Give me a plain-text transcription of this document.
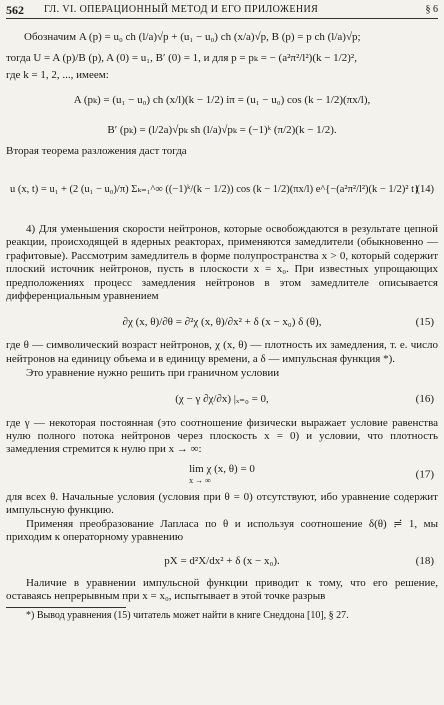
562 ГЛ. VI. ОПЕРАЦИОННЫЙ МЕТОД И ЕГО ПРИЛОЖЕНИЯ	§ 6
Обозначим A (p) = u₀ ch (l/a)√p + (u₁ − u₀) ch (x/a)√p, B (p) = p ch (l/a)√p;
тогда U = A (p)/B (p), A (0) = u₁, B′ (0) = 1, и для p = pₖ = − (a²π²/l²)(k − 1/2)²,
где k = 1, 2, ..., имеем:
A (pₖ) = (u₁ − u₀) ch (x/l)(k − 1/2) iπ = (u₁ − u₀) cos (k − 1/2)(πx/l),
B′ (pₖ) = (l/2a)√pₖ sh (l/a)√pₖ = (−1)ᵏ (π/2)(k − 1/2).
Вторая теорема разложения даст тогда
u (x, t) = u₁ + (2 (u₁ − u₀)/π) Σₖ₌₁^∞ ((−1)ᵏ/(k − 1/2)) cos (k − 1/2)(πx/l) e^{−(a²π²/l²)(k − 1/2)² t}
(14)
4) Для уменьшения скорости нейтронов, которые освобождаются в результате цепной реакции, происходящей в ядерных реакторах, применяются замедлители (обыкновенно — графитовые). Рассмотрим замедлитель в форме полупространства x > 0, который содержит плоский источник нейтронов, пусть в плоскости x = x₀. При известных упрощающих предположениях процесс замедления нейтронов в этом замедлителе описывается дифференциальным уравнением
∂χ (x, θ)/∂θ = ∂²χ (x, θ)/∂x² + δ (x − x₀) δ (θ),	(15)
где θ — символический возраст нейтронов, χ (x, θ) — плотность их замедления, т. е. число нейтронов на единицу объема и в единицу времени, а δ — импульсная функция *).
Это уравнение нужно решить при граничном условии
(χ − γ ∂χ/∂x) |ₓ₌₀ = 0,	(16)
где γ — некоторая постоянная (это соотношение физически выражает условие равенства нулю полного потока нейтронов через плоскость x = 0) и условии, что плотность замедления стремится к нулю при x → ∞:
lim χ (x, θ) = 0
x → ∞
(17)
для всех θ. Начальные условия (условия при θ = 0) отсутствуют, ибо уравнение содержит импульсную функцию.
Применяя преобразование Лапласа по θ и используя соотношение δ(θ) ≓ 1, мы приходим к операторному уравнению
pX = d²X/dx² + δ (x − x₀).	(18)
Наличие в уравнении импульсной функции приводит к тому, что его решение, оставаясь непрерывным при x = x₀, испытывает в этой точке разрыв
*) Вывод уравнения (15) читатель может найти в книге Снеддона [10], § 27.
